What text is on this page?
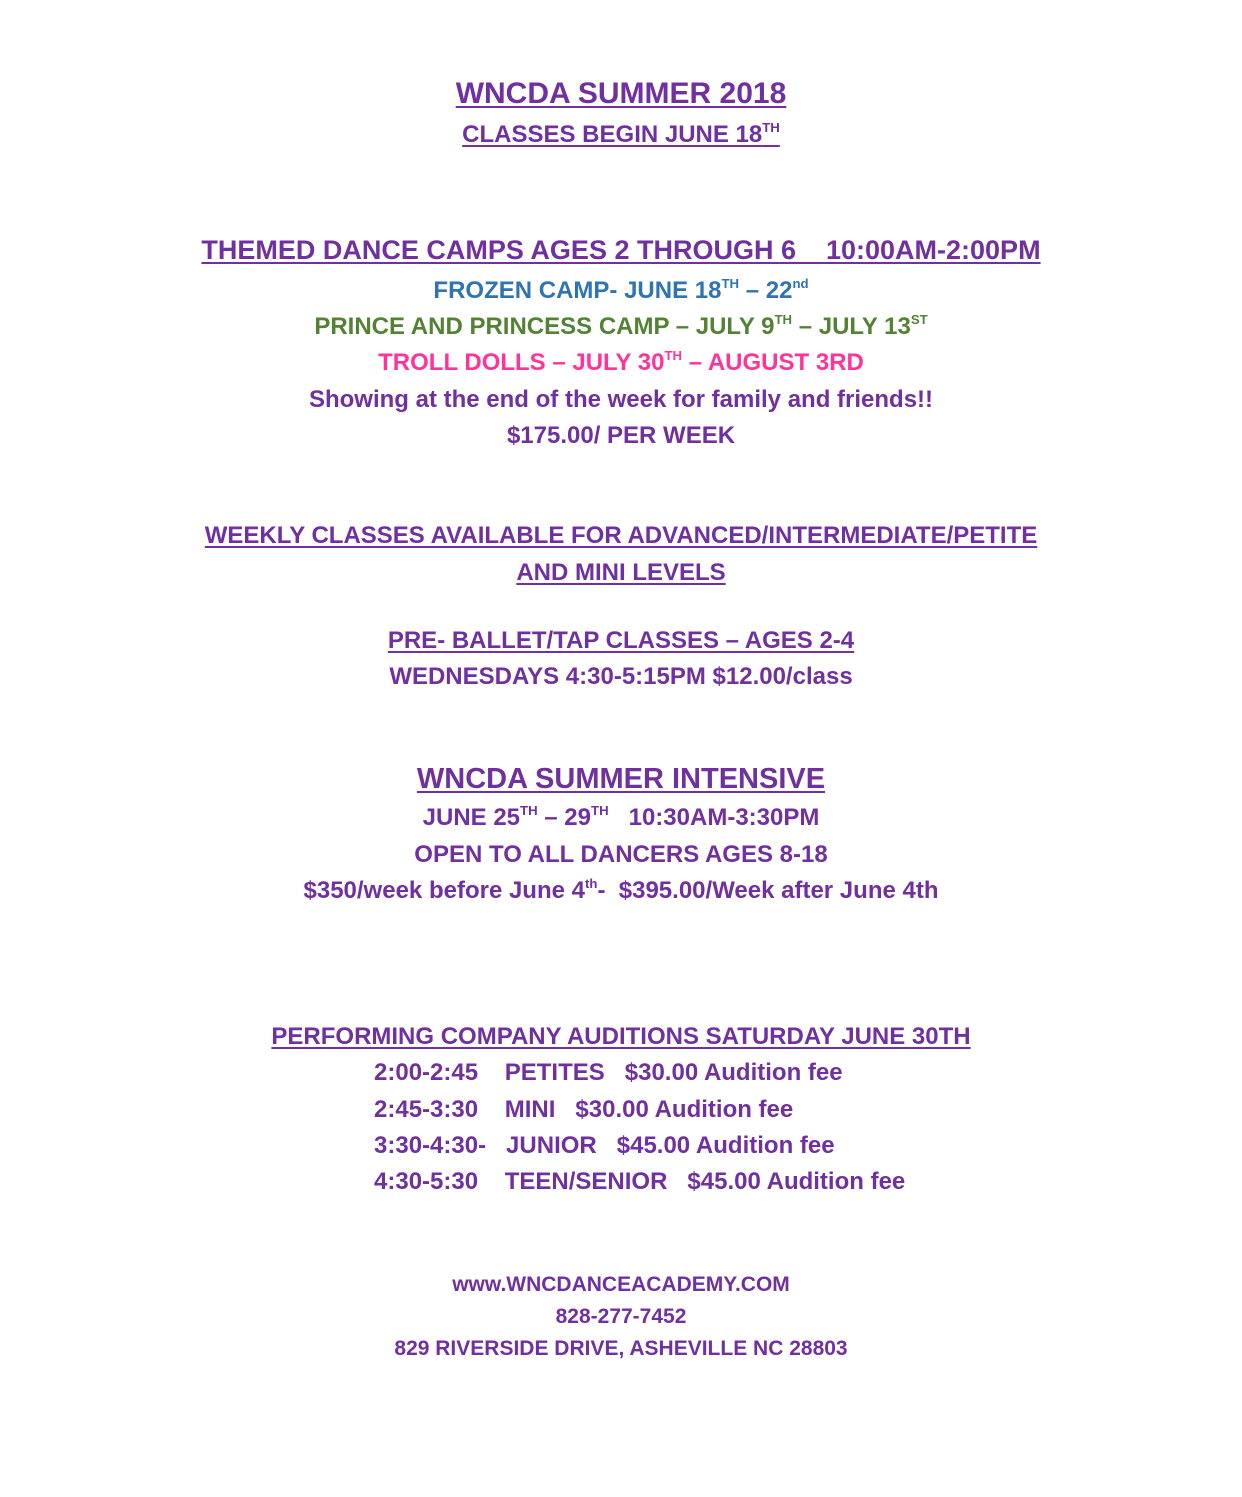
WNCDA SUMMER 2018
CLASSES BEGIN JUNE 18TH
THEMED DANCE CAMPS AGES 2 THROUGH 6    10:00AM-2:00PM
FROZEN CAMP- JUNE 18TH – 22nd
PRINCE AND PRINCESS CAMP – JULY 9TH – JULY 13ST
TROLL DOLLS – JULY 30TH – AUGUST 3RD
Showing at the end of the week for family and friends!!
$175.00/ PER WEEK
WEEKLY CLASSES AVAILABLE FOR ADVANCED/INTERMEDIATE/PETITE
AND MINI LEVELS
PRE- BALLET/TAP CLASSES – AGES 2-4
WEDNESDAYS 4:30-5:15PM $12.00/class
WNCDA SUMMER INTENSIVE
JUNE 25TH – 29TH   10:30AM-3:30PM
OPEN TO ALL DANCERS AGES 8-18
$350/week before June 4th-  $395.00/Week after June 4th
PERFORMING COMPANY AUDITIONS SATURDAY JUNE 30TH
2:00-2:45    PETITES   $30.00 Audition fee
2:45-3:30    MINI   $30.00 Audition fee
3:30-4:30-   JUNIOR   $45.00 Audition fee
4:30-5:30    TEEN/SENIOR   $45.00 Audition fee
www.WNCDANCEACADEMY.COM
828-277-7452
829 RIVERSIDE DRIVE, ASHEVILLE NC 28803
